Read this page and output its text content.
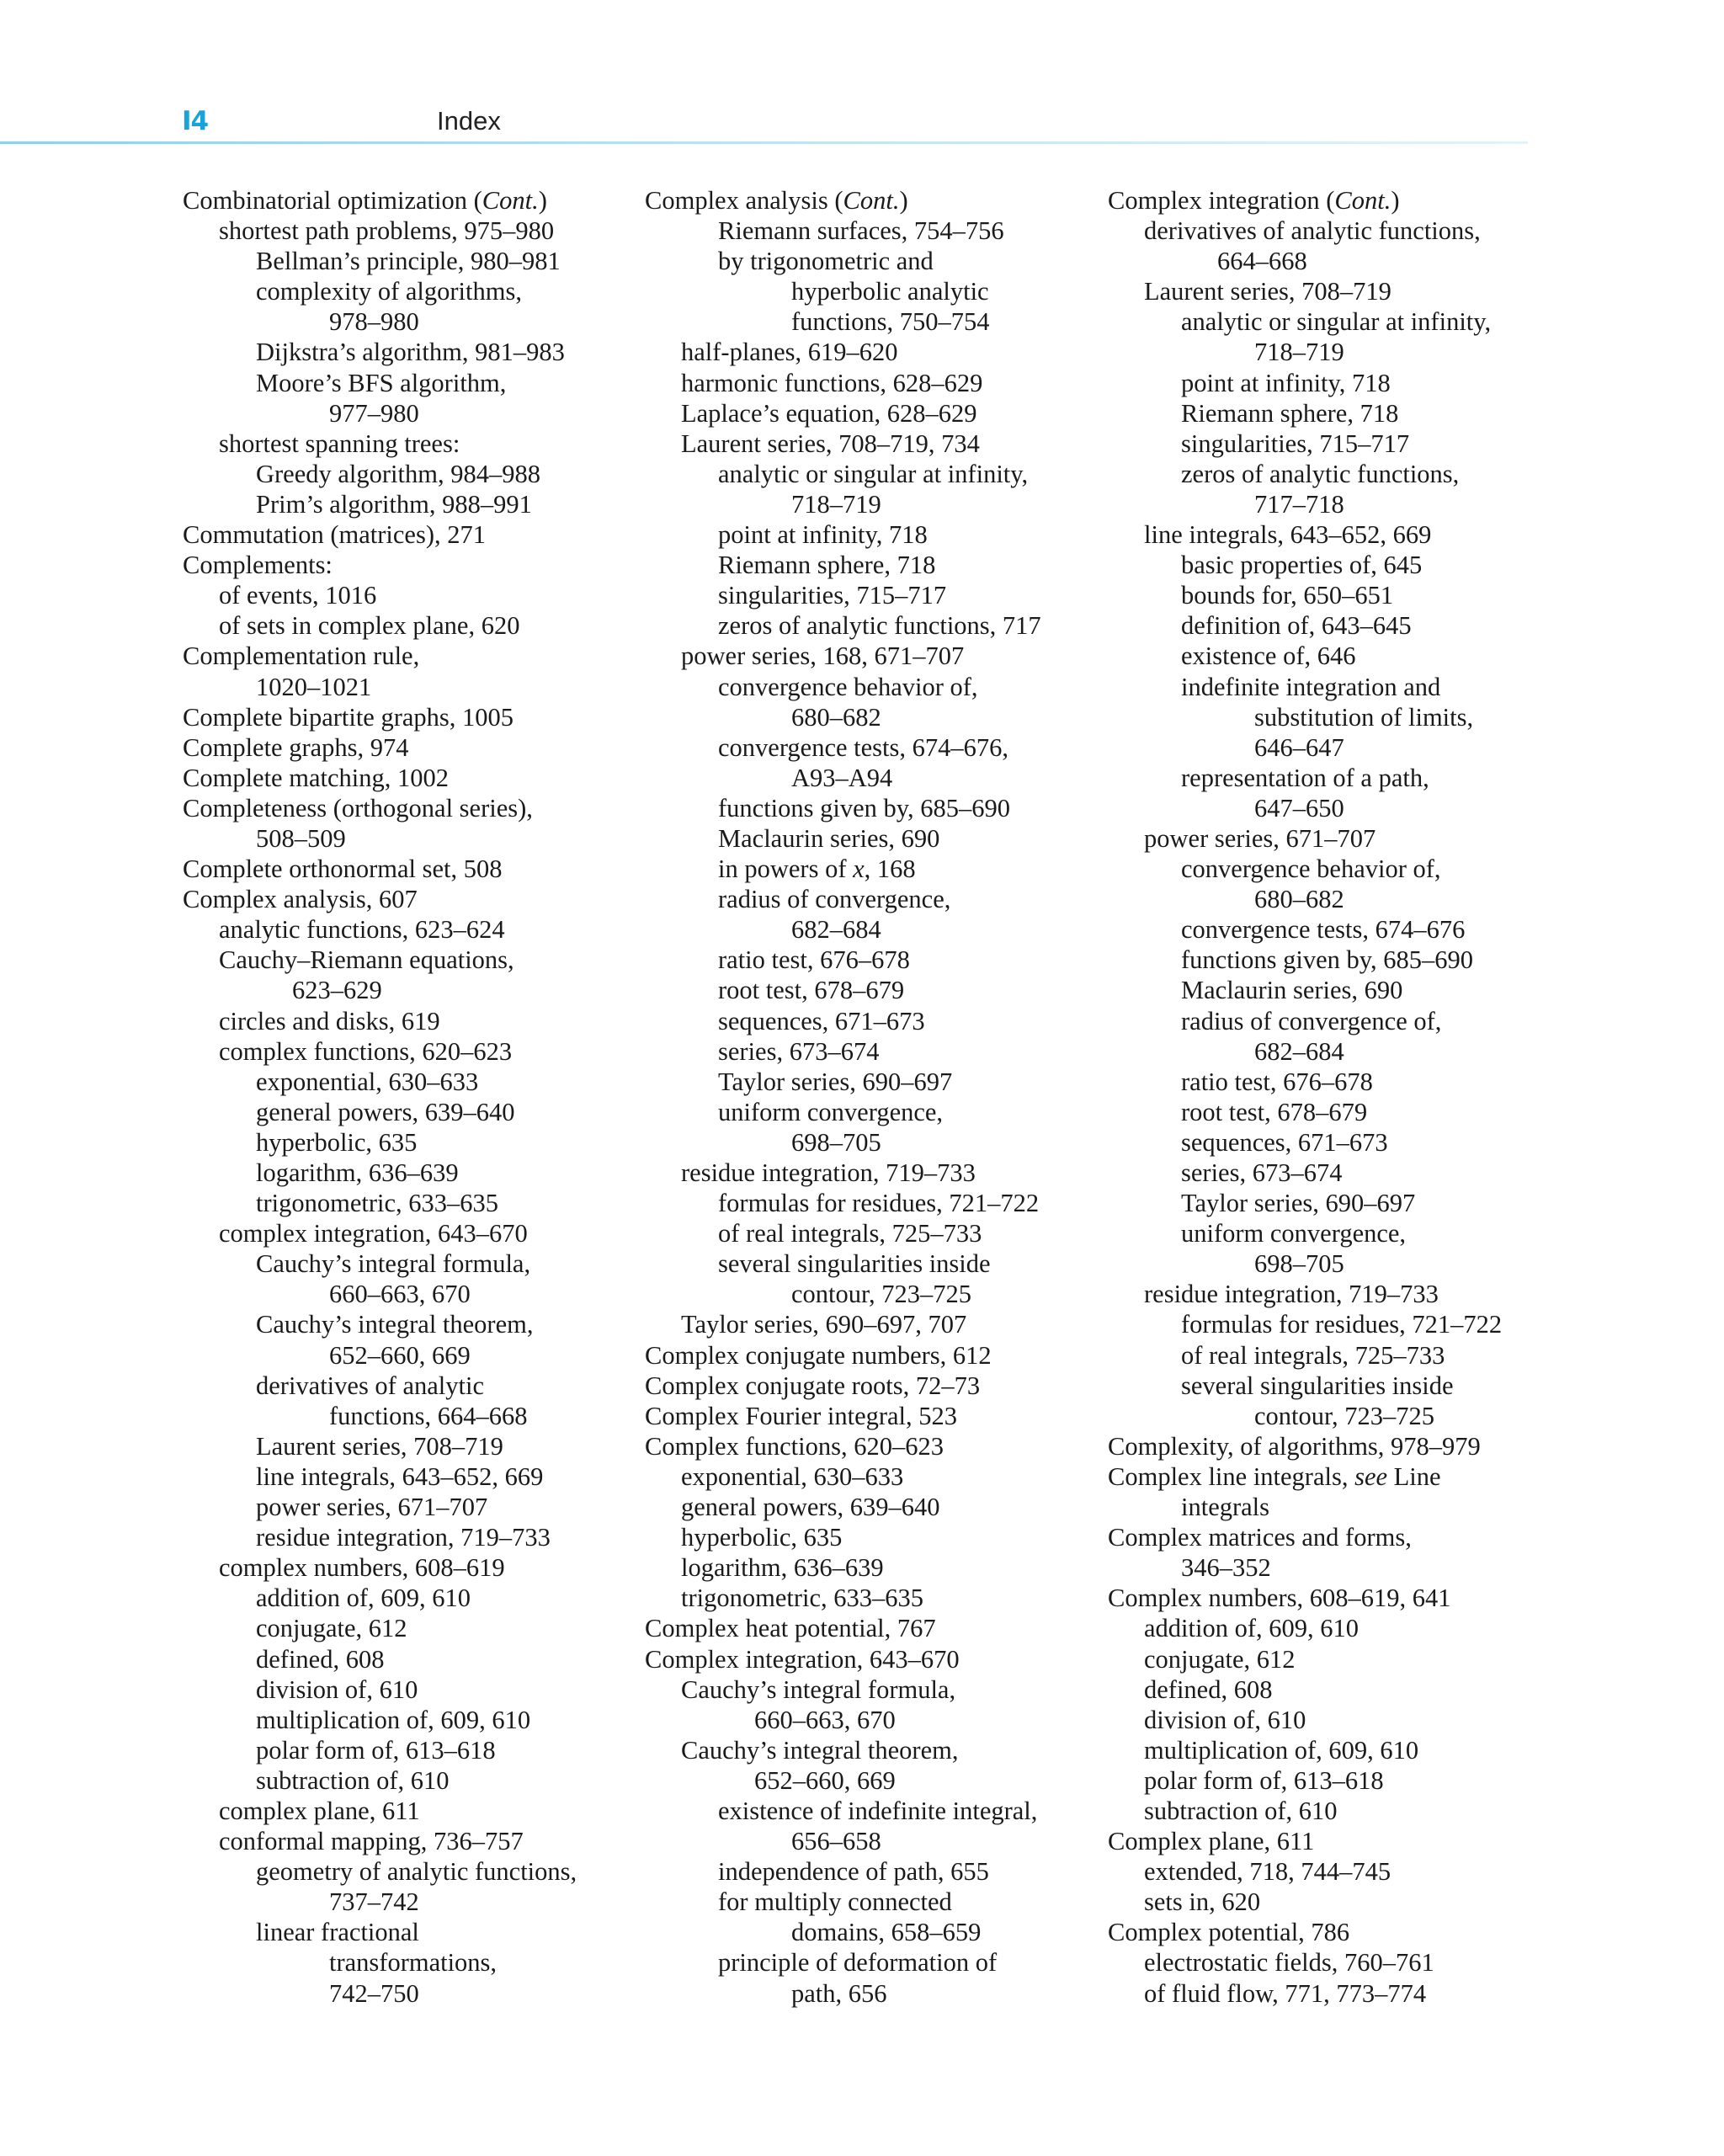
I4	Index
Combinatorial optimization (Cont.)
shortest path problems, 975–980
Bellman’s principle, 980–981
complexity of algorithms,
978–980
Dijkstra’s algorithm, 981–983
Moore’s BFS algorithm,
977–980
shortest spanning trees:
Greedy algorithm, 984–988
Prim’s algorithm, 988–991
Commutation (matrices), 271
Complements:
of events, 1016
of sets in complex plane, 620
Complementation rule,
1020–1021
Complete bipartite graphs, 1005
Complete graphs, 974
Complete matching, 1002
Completeness (orthogonal series),
508–509
Complete orthonormal set, 508
Complex analysis, 607
analytic functions, 623–624
Cauchy–Riemann equations,
623–629
circles and disks, 619
complex functions, 620–623
exponential, 630–633
general powers, 639–640
hyperbolic, 635
logarithm, 636–639
trigonometric, 633–635
complex integration, 643–670
Cauchy’s integral formula,
660–663, 670
Cauchy’s integral theorem,
652–660, 669
derivatives of analytic
functions, 664–668
Laurent series, 708–719
line integrals, 643–652, 669
power series, 671–707
residue integration, 719–733
complex numbers, 608–619
addition of, 609, 610
conjugate, 612
defined, 608
division of, 610
multiplication of, 609, 610
polar form of, 613–618
subtraction of, 610
complex plane, 611
conformal mapping, 736–757
geometry of analytic functions,
737–742
linear fractional
transformations,
742–750
Complex analysis (Cont.)
Riemann surfaces, 754–756
by trigonometric and
hyperbolic analytic
functions, 750–754
half-planes, 619–620
harmonic functions, 628–629
Laplace’s equation, 628–629
Laurent series, 708–719, 734
analytic or singular at infinity,
718–719
point at infinity, 718
Riemann sphere, 718
singularities, 715–717
zeros of analytic functions, 717
power series, 168, 671–707
convergence behavior of,
680–682
convergence tests, 674–676,
A93–A94
functions given by, 685–690
Maclaurin series, 690
in powers of x, 168
radius of convergence,
682–684
ratio test, 676–678
root test, 678–679
sequences, 671–673
series, 673–674
Taylor series, 690–697
uniform convergence,
698–705
residue integration, 719–733
formulas for residues, 721–722
of real integrals, 725–733
several singularities inside
contour, 723–725
Taylor series, 690–697, 707
Complex conjugate numbers, 612
Complex conjugate roots, 72–73
Complex Fourier integral, 523
Complex functions, 620–623
exponential, 630–633
general powers, 639–640
hyperbolic, 635
logarithm, 636–639
trigonometric, 633–635
Complex heat potential, 767
Complex integration, 643–670
Cauchy’s integral formula,
660–663, 670
Cauchy’s integral theorem,
652–660, 669
existence of indefinite integral,
656–658
independence of path, 655
for multiply connected
domains, 658–659
principle of deformation of
path, 656
Complex integration (Cont.)
derivatives of analytic functions,
664–668
Laurent series, 708–719
analytic or singular at infinity,
718–719
point at infinity, 718
Riemann sphere, 718
singularities, 715–717
zeros of analytic functions,
717–718
line integrals, 643–652, 669
basic properties of, 645
bounds for, 650–651
definition of, 643–645
existence of, 646
indefinite integration and
substitution of limits,
646–647
representation of a path,
647–650
power series, 671–707
convergence behavior of,
680–682
convergence tests, 674–676
functions given by, 685–690
Maclaurin series, 690
radius of convergence of,
682–684
ratio test, 676–678
root test, 678–679
sequences, 671–673
series, 673–674
Taylor series, 690–697
uniform convergence,
698–705
residue integration, 719–733
formulas for residues, 721–722
of real integrals, 725–733
several singularities inside
contour, 723–725
Complexity, of algorithms, 978–979
Complex line integrals, see Line
integrals
Complex matrices and forms,
346–352
Complex numbers, 608–619, 641
addition of, 609, 610
conjugate, 612
defined, 608
division of, 610
multiplication of, 609, 610
polar form of, 613–618
subtraction of, 610
Complex plane, 611
extended, 718, 744–745
sets in, 620
Complex potential, 786
electrostatic fields, 760–761
of fluid flow, 771, 773–774
